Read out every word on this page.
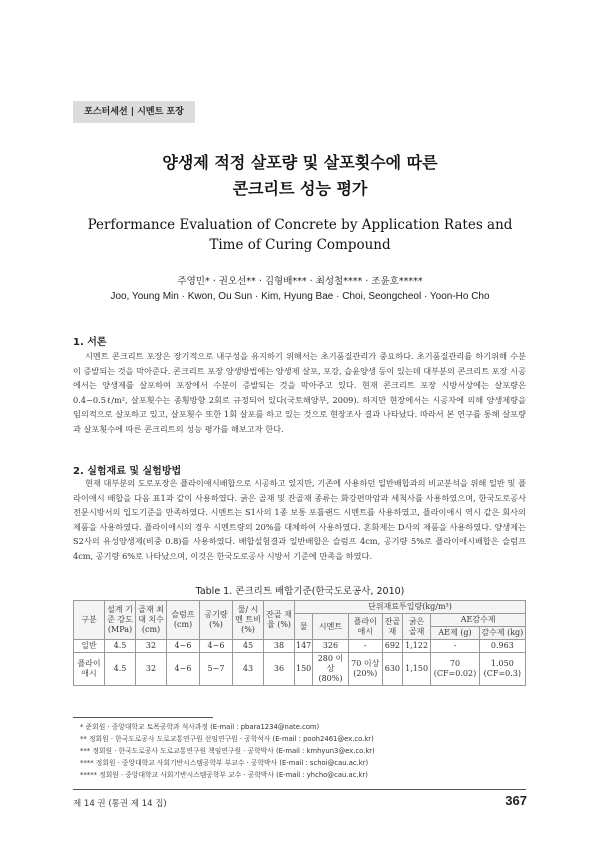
포스터세션 | 시멘트 포장
양생제 적정 살포량 및 살포횟수에 따른
콘크리트 성능 평가
Performance Evaluation of Concrete by Application Rates and
Time of Curing Compound
주영민* · 권오선** · 김형배*** · 최성철**** · 조윤호*****
Joo, Young Min · Kwon, Ou Sun · Kim, Hyung Bae · Choi, Seongcheol · Yoon-Ho Cho
1. 서론
시멘트 콘크리트 포장은 장기적으로 내구성을 유지하기 위해서는 초기품질관리가 중요하다. 초기품질관리를 하기위해 수분이 증발되는 것을 막아준다. 콘크리트 포장 양생방법에는 양생제 살포, 포강, 습윤양생 등이 있는데 대부분의 콘크리트 포장 시공에서는 양생제를 살포하여 포장에서 수분이 증발되는 것을 막아주고 있다. 현재 콘크리트 포장 시방서상에는 살포량은 0.4~0.5ℓ/m², 살포횟수는 종횡방향 2회로 규정되어 있다(국토해양부, 2009). 하지만 현장에서는 시공자에 의해 양생제량을 임의적으로 살포하고 있고, 살포횟수 또한 1회 살포를 하고 있는 것으로 현장조사 결과 나타났다. 따라서 본 연구를 통해 살포량과 살포횟수에 따른 콘크리트의 성능 평가를 해보고자 한다.
2. 실험재료 및 실험방법
현재 대부분의 도로포장은 플라이애시배합으로 시공하고 있지만, 기존에 사용하던 일반배합과의 비교분석을 위해 일반 및 플라이애시 배합을 다음 표1과 같이 사용하였다. 굵은 골재 및 잔골재 종류는 화강편마암과 세척사를 사용하였으며, 한국도로공사 전문시방서의 입도기준을 만족하였다. 시멘트는 S1사의 1종 보통 포틀랜드 시멘트를 사용하였고, 플라이애시 역시 같은 회사의 제품을 사용하였다. 플라이애시의 경우 시멘트량의 20%를 대체하여 사용하였다. 혼화제는 D사의 제품을 사용하였다. 양생제는 S2사의 유성양생제(비중 0.8)를 사용하였다. 배합설험결과 일반배합은 슬럼프 4cm, 공기량 5%로 플라이애시배합은 슬럼프 4cm, 공기량 6%로 나타났으며, 이것은 한국도로공사 시방서 기준에 만족을 하였다.
Table 1. 콘크리트 배합기준(한국도로공사, 2010)
구분	설계 기준 강도 (MPa)	골재 최대 치수 (cm)	슬럼프 (cm)	공기량 (%)	물/ 시멘 트비 (%)	잔골 재율 (%)	단위재료투입량(kg/m³)						
							물	시멘트	플라이 애시	잔골재	굵은 골재	AE감수제	
												AE제 (g)	감수제 (kg)
일반	4.5	32	4~6	4~6	45	38	147	326	-	692	1,122	-	0.963
플라이 애시	4.5	32	4~6	5~7	43	36	150	280 이상 (80%)	70 이상 (20%)	630	1,150	70 (CF=0.02)	1.050 (CF=0.3)
* 준회원 · 중앙대학교 토목공학과 석사과정 (E-mail : pbara1234@nate.com)
** 정회원 · 한국도로공사 도로교통연구원 선임연구원 · 공학석사 (E-mail : pooh2461@ex.co.kr)
*** 정회원 · 한국도로공사 도로교통연구원 책임연구원 · 공학박사 (E-mail : kmhyun3@ex.co.kr)
**** 정회원 · 중앙대학교 사회기반시스템공학부 부교수 · 공학박사 (E-mail : schoi@cau.ac.kr)
***** 정회원 · 중앙대학교 사회기반시스템공학부 교수 · 공학박사 (E-mail : yhcho@cau.ac.kr)
제 14 권 (통권 제 14 집)	367
